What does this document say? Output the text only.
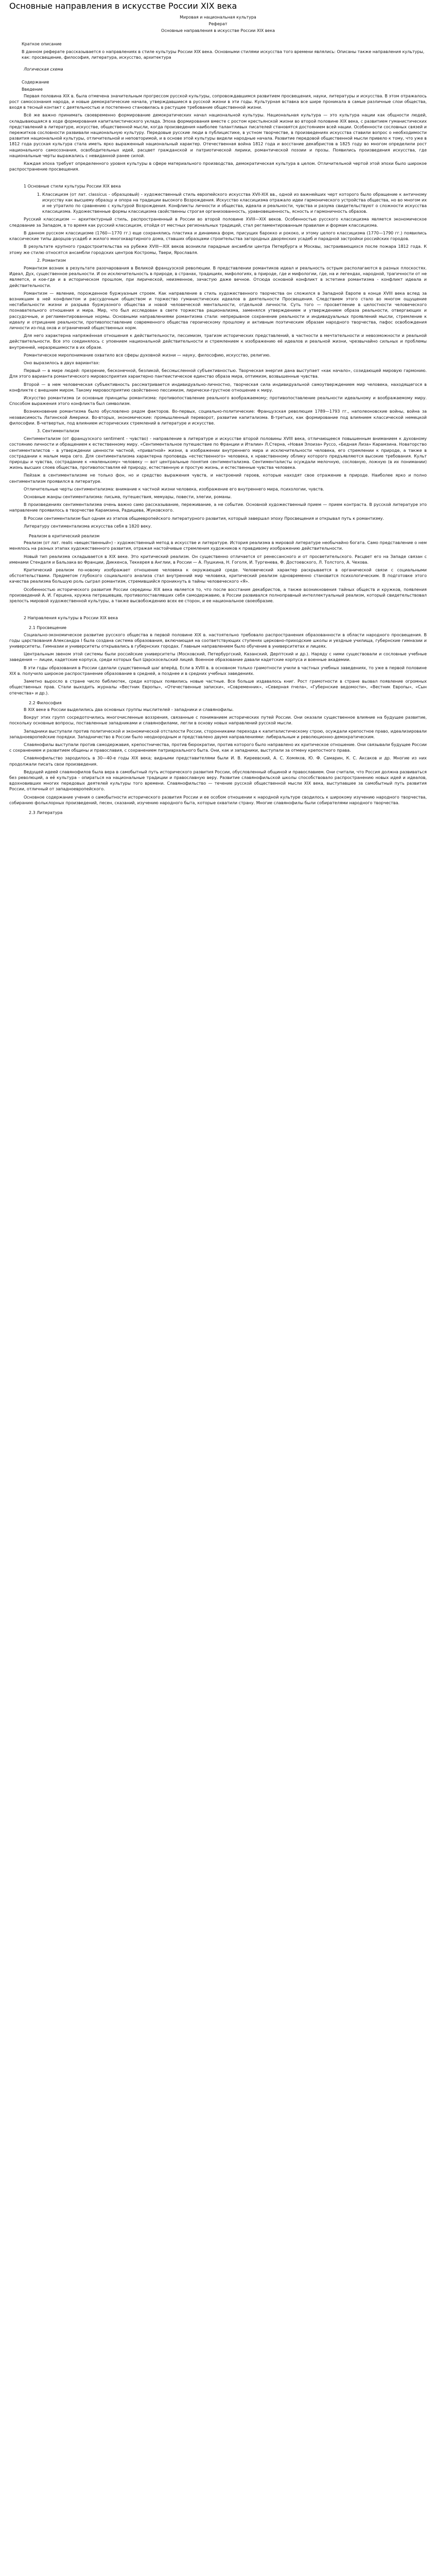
Основные направления в искусстве России XIX века

Мировая и национальная культура

Реферат

Основные направления в искусстве России XIX века

Краткое описание

В данном реферате рассказывается о направлениях в стиле культуры России XIX века. Основными стилями искусства того времени являлись: Описаны также направления культуры, как: просвещение, философия, литература, искусство, архитектура

Логическая схема

Содержание

Введение

Первая половина XIX в. была отмечена значительным прогрессом русской культуры, сопровождавшимся развитием просвещения, науки, литературы и искусства. В этом отражалось рост самосознания народа, и новые демократические начала, утверждавшиеся в русской жизни в эти годы. Культурная вставка все шире проникала в самые различные слои общества, входя в тесный контакт с деятельностью и постепенно становилась в растущее требование общественной жизни.

Всё же важно принимать своевременно формирование демократических начал национальной культуры. Национальная культура — это культура нации как общности людей, складывающаяся в ходе формирования капиталистического уклада. Эпоха формирования вместе с ростом крестьянской жизни во второй половине XIX века, с развитием гуманистических представлений в литературе, искусстве, общественной мысли, когда произведения наиболее талантливых писателей становятся достоянием всей нации. Особенности сословных связей и пережитков сословности развивали национальную культуру. Передовые русские люди в публицистике, в устном творчестве, в произведениях искусства ставили вопрос о необходимости развития национальной культуры, отличительной и неповторимой, и в основе этой культуры видели народные начала. Развитие передовой общественной мысли привело к тому, что уже в 1812 года русская культура стала иметь ярко выраженный национальный характер. Отечественная война 1812 года и восстание декабристов в 1825 году во многом определили рост национального самосознания, освободительных идей, расцвет гражданской и патриотической лирики, романтической поэзии и прозы. Появились произведения искусства, где национальные черты выражались с невиданной ранее силой.

Каждая эпоха требует определенного уровня культуры в сфере материального производства, демократическая культура в целом. Отличительной чертой этой эпохи было широкое распространение просвещения.

1 Основные стили культуры России XIX века

1. Классицизм (от лат. classicus - образцовый) - художественный стиль европейского искусства XVII-XIX вв., одной из важнейших черт которого было обращение к античному искусству как высшему образцу и опора на традиции высокого Возрождения. Искусство классицизма отражало идеи гармонического устройства общества, но во многом их и не утратило по сравнению с культурой Возрождения. Конфликты личности и общества, идеала и реальности, чувства и разума свидетельствуют о сложности искусства классицизма. Художественные формы классицизма свойственны строгая организованность, уравновешенность, ясность и гармоничность образов.

Русский классицизм — архитектурный стиль, распространенный в России во второй половине XVIII—XIX веков. Особенностью русского классицизма является экономическое следование за Западом, в то время как русский классицизм, отойдя от местных региональных традиций, стал регламентированным правилам и формам классицизма.

В данном русском классицизме (1760—1770 гг.) еще сохранялись пластика и динамика форм, присущих барокко и рококо, и этому целого классицизма (1770—1790 гг.) появились классические типы дворцов-усадеб и жилого многоквартирного дома, ставших образцами строительства загородных дворянских усадеб и парадной застройки российских городов.

В результате крупного градостроительства на рубеже XVIII—XIX веков возникли парадные ансамбли центра Петербурга и Москвы, застраивающихся после пожара 1812 года. К этому же стилю относятся ансамбли городских центров Костромы, Твери, Ярославля.

2. Романтизм

Романтизм возник в результате разочарования в Великой французской революции. В представлении романтиков идеал и реальность острым располагаются в разных плоскостях. Идеал, Дух, существенное реальности. И он исключительность в природе, в странах, традициях, мифологиях, в природе, где и мифологии, где, на и легендах, народной, трагичности от не является, и кое-где и в историческом прошлом, при лирической, неизменное, зачастую даже вечное. Отсюда основной конфликт в эстетике романтизма - конфликт идеала и действительности.

Романтизм — явление, порожденное буржуазным строем. Как направление в стиль художественного творчества он сложился в Западной Европе в конце XVIII века вслед за возникшим в ней конфликтом и рассудочным обществом и торжество гуманистических идеалов в деятельности Просвещения. Следствием этого стало во многом ощущение нестабильности жизни и разрыва буржуазного общества и новой человеческой ментальности, отдельной личности. Суть того — просветление в целостности человеческого познавательного отношения и мира. Мир, что был исследован в свете торжества рационализма, заменялся утверждением и утверждением образа реальности, отвергающих и рассудочные, и регламентированные нормы. Основными направлениями романтизма стали: непрерывное сохранение реальности и индивидуальных проявлений мысли, стремление к идеалу и отрицание реальности, противопоставление современного общества героическому прошлому и активным поэтическим образам народного творчества, пафос освобождения личности из-под оков и ограничений общественных норм.

Для него характерна напряжённая отношения к действительности, пессимизм, трагизм исторических представлений, в частности в мечтательности и невозможности и реальной действительности. Все это соединялось с упоением национальной действительности и стремлением к изображению её идеалов и реальной жизни, чрезвычайно сильных и проблемы внутренней, неразрешимости в их образе.

Романтическое миропонимание охватило все сферы духовной жизни — науку, философию, искусство, религию.

Оно выразилось в двух вариантах:

Первый — в мире людей: презрение, бесконечной, безликой, бессмысленной субъективностью. Творческая энергия дана выступает «как начало», созидающей мировую гармонию. Для этого варианта романтического мировосприятия характерно пантеистическое единство образа мира, оптимизм, возвышенные чувства.

Второй — в нем человеческая субъективность рассматривается индивидуально-личностно, творческая сила индивидуальной самоутверждением мир человека, находящегося в конфликте с внешним миром. Такому мировосприятию свойственно пессимизм, лирически-грустное отношение к миру.

Искусство романтизма (и основные принципы романтизма: противопоставление реального воображаемому; противопоставление реальности идеальному и воображаемому миру. Способом выражения этого конфликта был символизм.

Возникновение романтизма было обусловлено рядом факторов. Во-первых, социально-политические: Французская революция 1789—1793 гг., наполеоновские войны, война за независимость Латинской Америки. Во-вторых, экономические: промышленный переворот, развитие капитализма. В-третьих, как формирование под влиянием классической немецкой философии. В-четвертых, под влиянием исторических стремлений в литературе и искусстве.

3. Сентиментализм

Сентиментализм (от французского sentiment - чувство) - направление в литературе и искусстве второй половины XVIII века, отличающееся повышенным вниманием к духовному состоянию личности и обращением к естественному миру. «Сентиментальное путешествие по Франции и Италии» Л.Стерна, «Новая Элоиза» Руссо, «Бедная Лиза» Карамзина. Новаторство сентименталистов - в утверждении ценности частной, «приватной» жизни, в изображении внутреннего мира и исключительности человека, его стремлении к природе, а также в сострадании к малым мира сего. Для сентиментализма характерна проповедь «естественного» человека, к нравственному облику которого предъявляются высокие требования. Культ природы и чувства, сострадание к «маленькому» человеку — вот центральные понятия сентиментализма. Сентименталисты осуждали мелочную, сословную, ложную (в их понимании) жизнь высших слоев общества, противопоставляя ей природу, естественную и простую жизнь, и естественные чувства человека.

Пейзаж в сентиментализме не только фон, но и средство выражения чувств, и настроений героев, которые находят свое отражение в природе. Наиболее ярко и полно сентиментализм проявился в литературе.

Отличительные черты сентиментализма: внимание к частной жизни человека, изображение его внутреннего мира, психологии, чувств.

Основные жанры сентиментализма: письма, путешествия, мемуары, повести, элегии, романы.

В произведениях сентиментализма очень важно само рассказывание, переживание, а не событие. Основной художественный прием — прием контраста. В русской литературе это направление проявилось в творчестве Карамзина, Радищева, Жуковского.

В России сентиментализм был одним из этапов общеевропейского литературного развития, который завершал эпоху Просвещения и открывал путь к романтизму.

Литературу сентиментализма искусства себя в 1820 веку.

Реализм в критический реализм

Реализм (от лат. realis «вещественный») - художественный метод в искусстве и литературе. История реализма в мировой литературе необычайно богата. Само представление о нем менялось на разных этапах художественного развития, отражая настойчивые стремления художников к правдивому изображению действительности.

Новый тип реализма складывается в XIX веке. Это критический реализм. Он существенно отличается от ренессансного и от просветительского. Расцвет его на Западе связан с именами Стендаля и Бальзака во Франции, Диккенса, Теккерея в Англии, в России — А. Пушкина, Н. Гоголя, И. Тургенева, Ф. Достоевского, Л. Толстого, А. Чехова.

Критический реализм по-новому изображает отношение человека к окружающей среде. Человеческий характер раскрывается в органической связи с социальными обстоятельствами. Предметом глубокого социального анализа стал внутренний мир человека, критический реализм одновременно становится психологическим. В подготовке этого качества реализма большую роль сыграл романтизм, стремившийся проникнуть в тайны человеческого «Я».

Особенностью исторического развития России середины XIX века является то, что после восстания декабристов, а также возникновения тайных обществ и кружков, появления произведений А. И. Герцена, кружка петрашевцев, противопоставлявших себя самодержавию, в России развивался полноправный интеллектуальный реализм, который свидетельствовал зрелость мировой художественной культуры, а также высвобождению всех ее сторон, и ее национальное своеобразие.

2 Направления культуры в России XIX века

2.1 Просвещение

Социально-экономическое развитие русского общества в первой половине XIX в. настоятельно требовало распространения образованности в области народного просвещения. В годы царствования Александра I была создана система образования, включающая на соответствующих ступенях церковно-приходские школы и уездные училища, губернские гимназии и университеты. Гимназии и университеты открывались в губернских городах. Главным направлением было обучение в университетах и лицеях.

Центральным звеном этой системы были российские университеты (Московский, Петербургский, Казанский, Дерптский и др.). Наряду с ними существовали и сословные учебные заведения — лицеи, кадетские корпуса, среди которых был Царскосельский лицей. Военное образование давали кадетские корпуса и военные академии.

В эти годы образования в России сделали существенный шаг вперёд. Если в XVIII в. в основном только грамотности учили в частных учебных заведениях, то уже в первой половине XIX в. получило широкое распространение образование в средней, а позднее и в средних учебных заведениях.

Заметно выросло в стране число библиотек, среди которых появились новые частные. Все больше издавалось книг. Рост грамотности в стране вызвал появление огромных общественных прав. Стали выходить журналы «Вестник Европы», «Отечественные записки», «Современник», «Северная пчела», «Губернские ведомости», «Вестник Европы», «Сын отечества» и др.).

2.2 Философия

В XIX веке в России выделились два основных группы мыслителей - западники и славянофилы.

Вокруг этих групп сосредоточились многочисленные воззрения, связанные с пониманием исторических путей России. Они оказали существенное влияние на будущее развитие, поскольку основные вопросы, поставленные западниками и славянофилами, легли в основу новых направлений русской мысли.

Западники выступали против политической и экономической отсталости России, сторонниками перехода к капиталистическому строю, осуждали крепостное право, идеализировали западноевропейские порядки. Западничество в России было неоднородным и представлено двумя направлениями: либеральным и революционно-демократическим.

Славянофилы выступали против самодержавия, крепостничества, против бюрократии, против которого было направлено их критическое отношение. Они связывали будущее России с сохранением и развитием общины и православия, с сохранением патриархального быта. Они, как и западники, выступали за отмену крепостного права.

Славянофильство зародилось в 30—40-е годы XIX века; видными представителями были И. В. Киреевский, А. С. Хомяков, Ю. Ф. Самарин, К. С. Аксаков и др. Многие из них продолжали писать свои произведения.

Ведущей идеей славянофилов была вера в самобытный путь исторического развития России, обусловленный общиной и православием. Они считали, что Россия должна развиваться без революций, а её культура - опираться на национальные традиции и православную веру. Развитие славянофильской школы способствовало распространению новых идей и идеалов, вдохновивших многих передовых деятелей культуры того времени. Славянофильство — течение русской общественной мысли XIX века, выступавшее за самобытный путь развития России, отличный от западноевропейского.

Основное содержание учения о самобытности исторического развития России и ее особом отношении к народной культуре сводилось к широкому изучению народного творчества, собиранию фольклорных произведений, песен, сказаний, изучению народного быта, которые охватили страну. Многие славянофилы были собирателями народного творчества.

2.3 Литература
